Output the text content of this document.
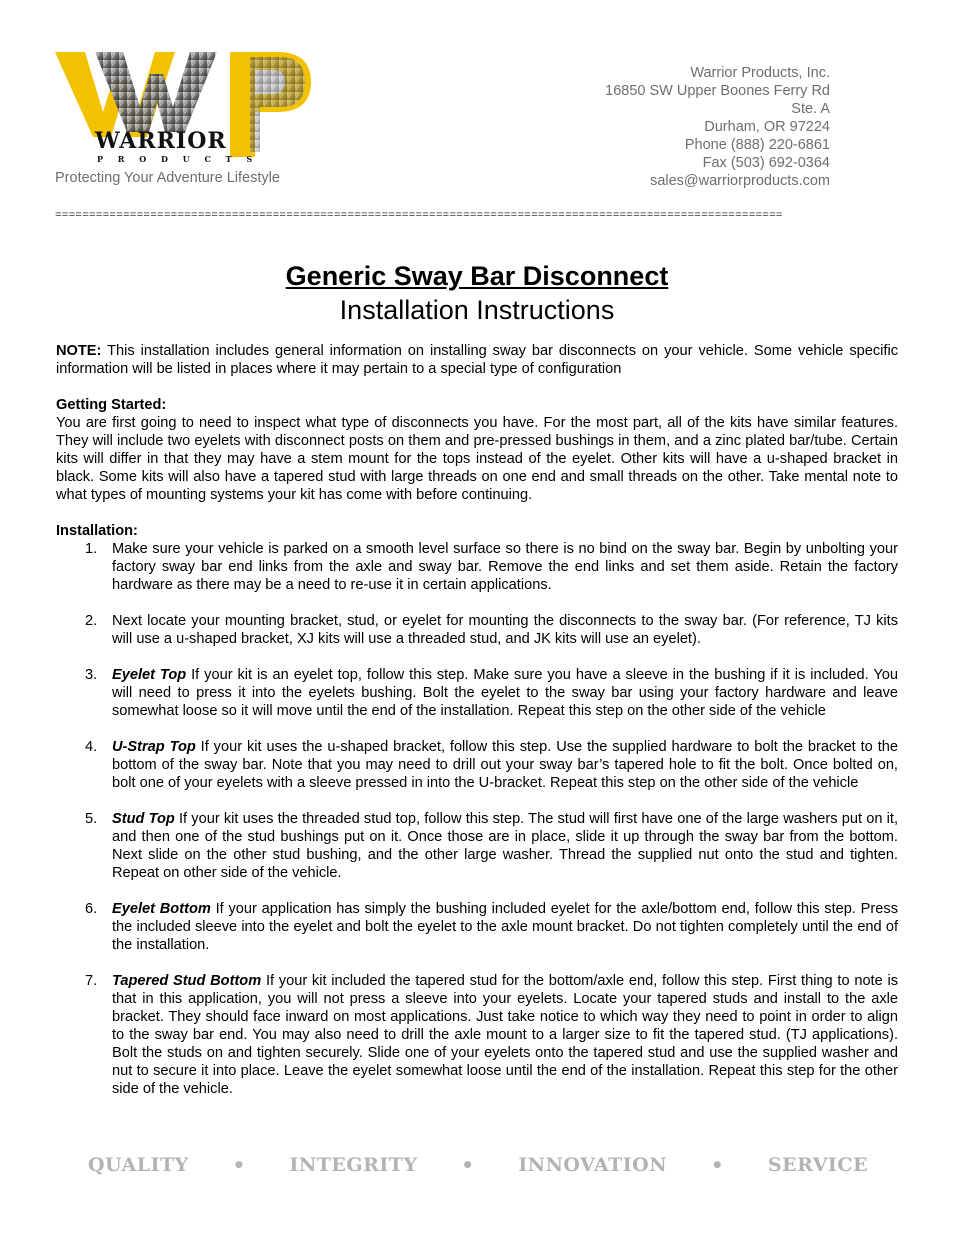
WARRIOR
P R O D U C T S
Protecting Your Adventure Lifestyle
Warrior Products, Inc.
16850 SW Upper Boones Ferry Rd
Ste. A
Durham, OR 97224
Phone (888) 220-6861
Fax (503) 692-0364
sales@warriorproducts.com
===========================================================================================================
Generic Sway Bar Disconnect
Installation Instructions

NOTE: This installation includes general information on installing sway bar disconnects on your vehicle. Some vehicle specific information will be listed in places where it may pertain to a special type of configuration

Getting Started:

You are first going to need to inspect what type of disconnects you have. For the most part, all of the kits have similar features. They will include two eyelets with disconnect posts on them and pre-pressed bushings in them, and a zinc plated bar/tube. Certain kits will differ in that they may have a stem mount for the tops instead of the eyelet. Other kits will have a u-shaped bracket in black. Some kits will also have a tapered stud with large threads on one end and small threads on the other. Take mental note to what types of mounting systems your kit has come with before continuing.

Installation:

1. Make sure your vehicle is parked on a smooth level surface so there is no bind on the sway bar. Begin by unbolting your factory sway bar end links from the axle and sway bar. Remove the end links and set them aside. Retain the factory hardware as there may be a need to re-use it in certain applications.
2. Next locate your mounting bracket, stud, or eyelet for mounting the disconnects to the sway bar. (For reference, TJ kits will use a u-shaped bracket, XJ kits will use a threaded stud, and JK kits will use an eyelet).
3. Eyelet Top If your kit is an eyelet top, follow this step. Make sure you have a sleeve in the bushing if it is included. You will need to press it into the eyelets bushing. Bolt the eyelet to the sway bar using your factory hardware and leave somewhat loose so it will move until the end of the installation. Repeat this step on the other side of the vehicle
4. U-Strap Top If your kit uses the u-shaped bracket, follow this step. Use the supplied hardware to bolt the bracket to the bottom of the sway bar. Note that you may need to drill out your sway bar’s tapered hole to fit the bolt. Once bolted on, bolt one of your eyelets with a sleeve pressed in into the U-bracket. Repeat this step on the other side of the vehicle
5. Stud Top If your kit uses the threaded stud top, follow this step. The stud will first have one of the large washers put on it, and then one of the stud bushings put on it. Once those are in place, slide it up through the sway bar from the bottom. Next slide on the other stud bushing, and the other large washer. Thread the supplied nut onto the stud and tighten. Repeat on other side of the vehicle.
6. Eyelet Bottom If your application has simply the bushing included eyelet for the axle/bottom end, follow this step. Press the included sleeve into the eyelet and bolt the eyelet to the axle mount bracket. Do not tighten completely until the end of the installation.
7. Tapered Stud Bottom If your kit included the tapered stud for the bottom/axle end, follow this step. First thing to note is that in this application, you will not press a sleeve into your eyelets. Locate your tapered studs and install to the axle bracket. They should face inward on most applications. Just take notice to which way they need to point in order to align to the sway bar end. You may also need to drill the axle mount to a larger size to fit the tapered stud. (TJ applications). Bolt the studs on and tighten securely. Slide one of your eyelets onto the tapered stud and use the supplied washer and nut to secure it into place. Leave the eyelet somewhat loose until the end of the installation. Repeat this step for the other side of the vehicle.
QUALITY • INTEGRITY • INNOVATION • SERVICE
